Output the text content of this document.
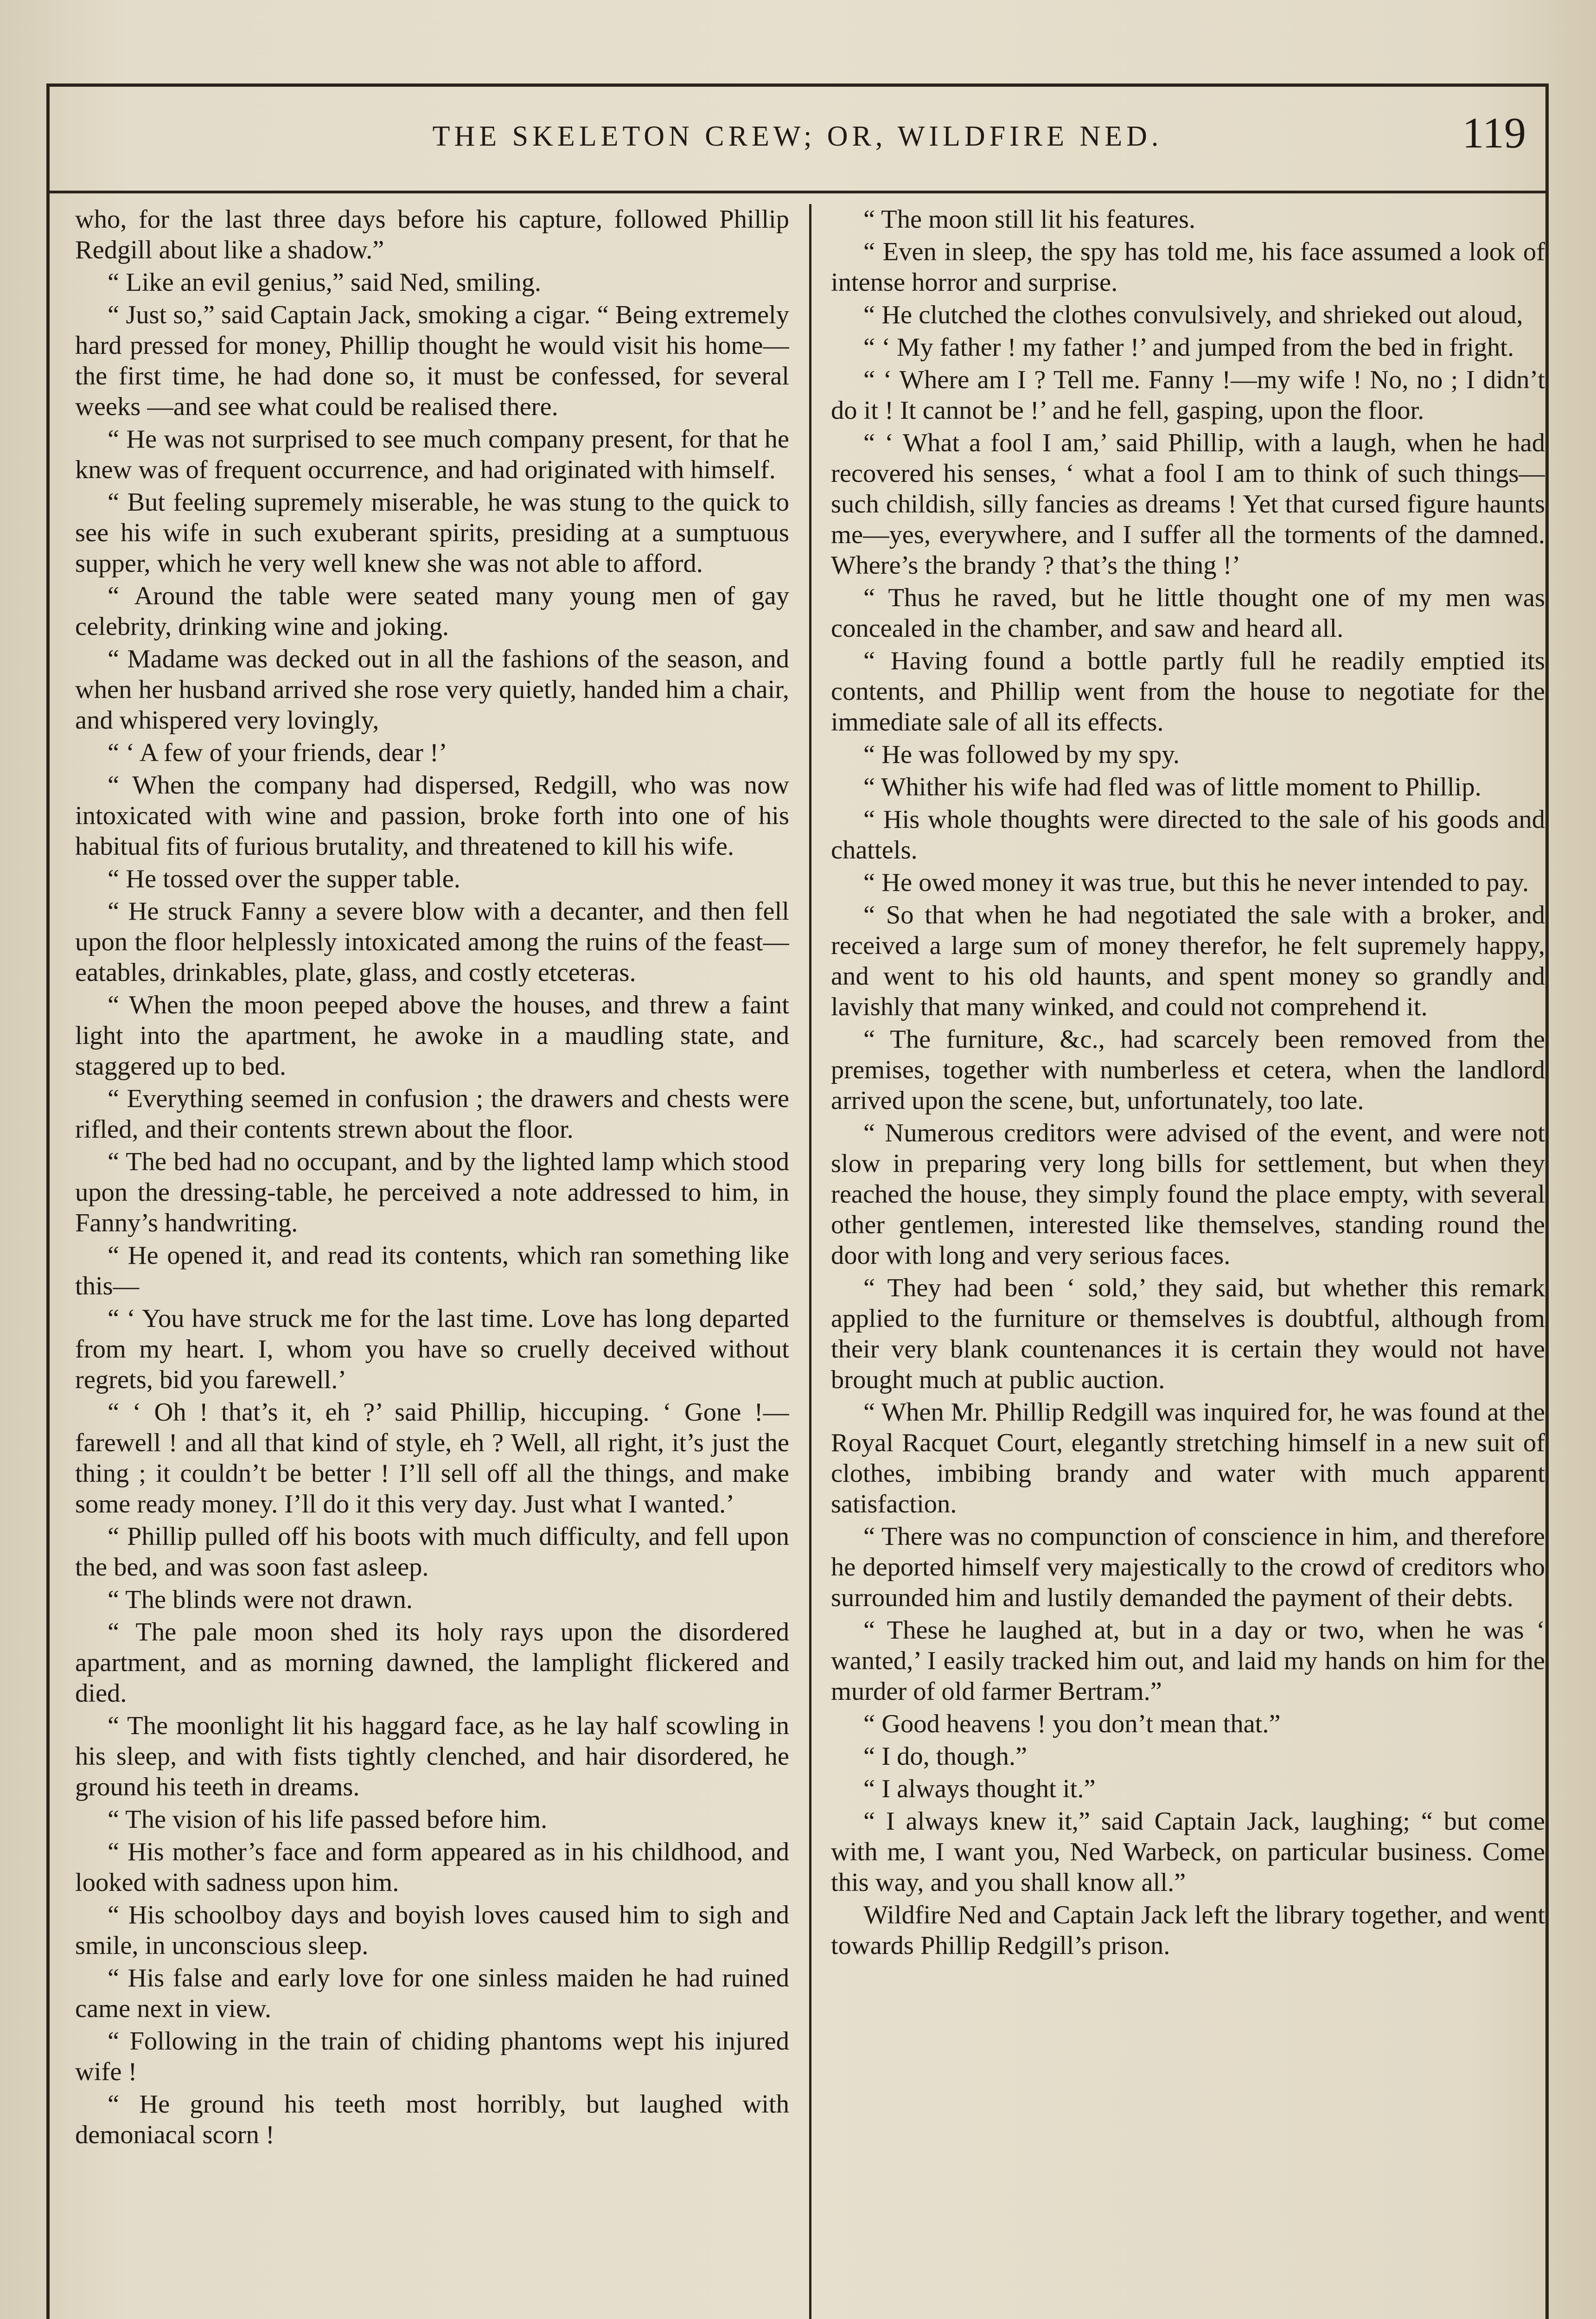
THE SKELETON CREW; OR, WILDFIRE NED.	119

who, for the last three days before his capture, followed Phillip Redgill about like a shadow.”

“ Like an evil genius,” said Ned, smiling.

“ Just so,” said Captain Jack, smoking a cigar. “ Being extremely hard pressed for money, Phillip thought he would visit his home—the first time, he had done so, it must be confessed, for several weeks —and see what could be realised there.

“ He was not surprised to see much company present, for that he knew was of frequent occurrence, and had originated with himself.

“ But feeling supremely miserable, he was stung to the quick to see his wife in such exuberant spirits, presiding at a sumptuous supper, which he very well knew she was not able to afford.

“ Around the table were seated many young men of gay celebrity, drinking wine and joking.

“ Madame was decked out in all the fashions of the season, and when her husband arrived she rose very quietly, handed him a chair, and whispered very lovingly,

“ ‘ A few of your friends, dear !’

“ When the company had dispersed, Redgill, who was now intoxicated with wine and passion, broke forth into one of his habitual fits of furious brutality, and threatened to kill his wife.

“ He tossed over the supper table.

“ He struck Fanny a severe blow with a decanter, and then fell upon the floor helplessly intoxicated among the ruins of the feast—eatables, drinkables, plate, glass, and costly etceteras.

“ When the moon peeped above the houses, and threw a faint light into the apartment, he awoke in a maudling state, and staggered up to bed.

“ Everything seemed in confusion ; the drawers and chests were rifled, and their contents strewn about the floor.

“ The bed had no occupant, and by the lighted lamp which stood upon the dressing-table, he perceived a note addressed to him, in Fanny’s handwriting.

“ He opened it, and read its contents, which ran something like this—

“ ‘ You have struck me for the last time. Love has long departed from my heart. I, whom you have so cruelly deceived without regrets, bid you farewell.’

“ ‘ Oh ! that’s it, eh ?’ said Phillip, hiccuping. ‘ Gone !—farewell ! and all that kind of style, eh ? Well, all right, it’s just the thing ; it couldn’t be better ! I’ll sell off all the things, and make some ready money. I’ll do it this very day. Just what I wanted.’

“ Phillip pulled off his boots with much difficulty, and fell upon the bed, and was soon fast asleep.

“ The blinds were not drawn.

“ The pale moon shed its holy rays upon the disordered apartment, and as morning dawned, the lamplight flickered and died.

“ The moonlight lit his haggard face, as he lay half scowling in his sleep, and with fists tightly clenched, and hair disordered, he ground his teeth in dreams.

“ The vision of his life passed before him.

“ His mother’s face and form appeared as in his childhood, and looked with sadness upon him.

“ His schoolboy days and boyish loves caused him to sigh and smile, in unconscious sleep.

“ His false and early love for one sinless maiden he had ruined came next in view.

“ Following in the train of chiding phantoms wept his injured wife !

“ He ground his teeth most horribly, but laughed with demoniacal scorn !

“ The moon still lit his features.

“ Even in sleep, the spy has told me, his face assumed a look of intense horror and surprise.

“ He clutched the clothes convulsively, and shrieked out aloud,

“ ‘ My father ! my father !’ and jumped from the bed in fright.

“ ‘ Where am I ? Tell me. Fanny !—my wife ! No, no ; I didn’t do it ! It cannot be !’ and he fell, gasping, upon the floor.

“ ‘ What a fool I am,’ said Phillip, with a laugh, when he had recovered his senses, ‘ what a fool I am to think of such things—such childish, silly fancies as dreams ! Yet that cursed figure haunts me—yes, everywhere, and I suffer all the torments of the damned. Where’s the brandy ? that’s the thing !’

“ Thus he raved, but he little thought one of my men was concealed in the chamber, and saw and heard all.

“ Having found a bottle partly full he readily emptied its contents, and Phillip went from the house to negotiate for the immediate sale of all its effects.

“ He was followed by my spy.

“ Whither his wife had fled was of little moment to Phillip.

“ His whole thoughts were directed to the sale of his goods and chattels.

“ He owed money it was true, but this he never intended to pay.

“ So that when he had negotiated the sale with a broker, and received a large sum of money therefor, he felt supremely happy, and went to his old haunts, and spent money so grandly and lavishly that many winked, and could not comprehend it.

“ The furniture, &c., had scarcely been removed from the premises, together with numberless et cetera, when the landlord arrived upon the scene, but, unfortunately, too late.

“ Numerous creditors were advised of the event, and were not slow in preparing very long bills for settlement, but when they reached the house, they simply found the place empty, with several other gentlemen, interested like themselves, standing round the door with long and very serious faces.

“ They had been ‘ sold,’ they said, but whether this remark applied to the furniture or themselves is doubtful, although from their very blank countenances it is certain they would not have brought much at public auction.

“ When Mr. Phillip Redgill was inquired for, he was found at the Royal Racquet Court, elegantly stretching himself in a new suit of clothes, imbibing brandy and water with much apparent satisfaction.

“ There was no compunction of conscience in him, and therefore he deported himself very majestically to the crowd of creditors who surrounded him and lustily demanded the payment of their debts.

“ These he laughed at, but in a day or two, when he was ‘ wanted,’ I easily tracked him out, and laid my hands on him for the murder of old farmer Bertram.”

“ Good heavens ! you don’t mean that.”

“ I do, though.”

“ I always thought it.”

“ I always knew it,” said Captain Jack, laughing; “ but come with me, I want you, Ned Warbeck, on particular business. Come this way, and you shall know all.”

Wildfire Ned and Captain Jack left the library together, and went towards Phillip Redgill’s prison.
